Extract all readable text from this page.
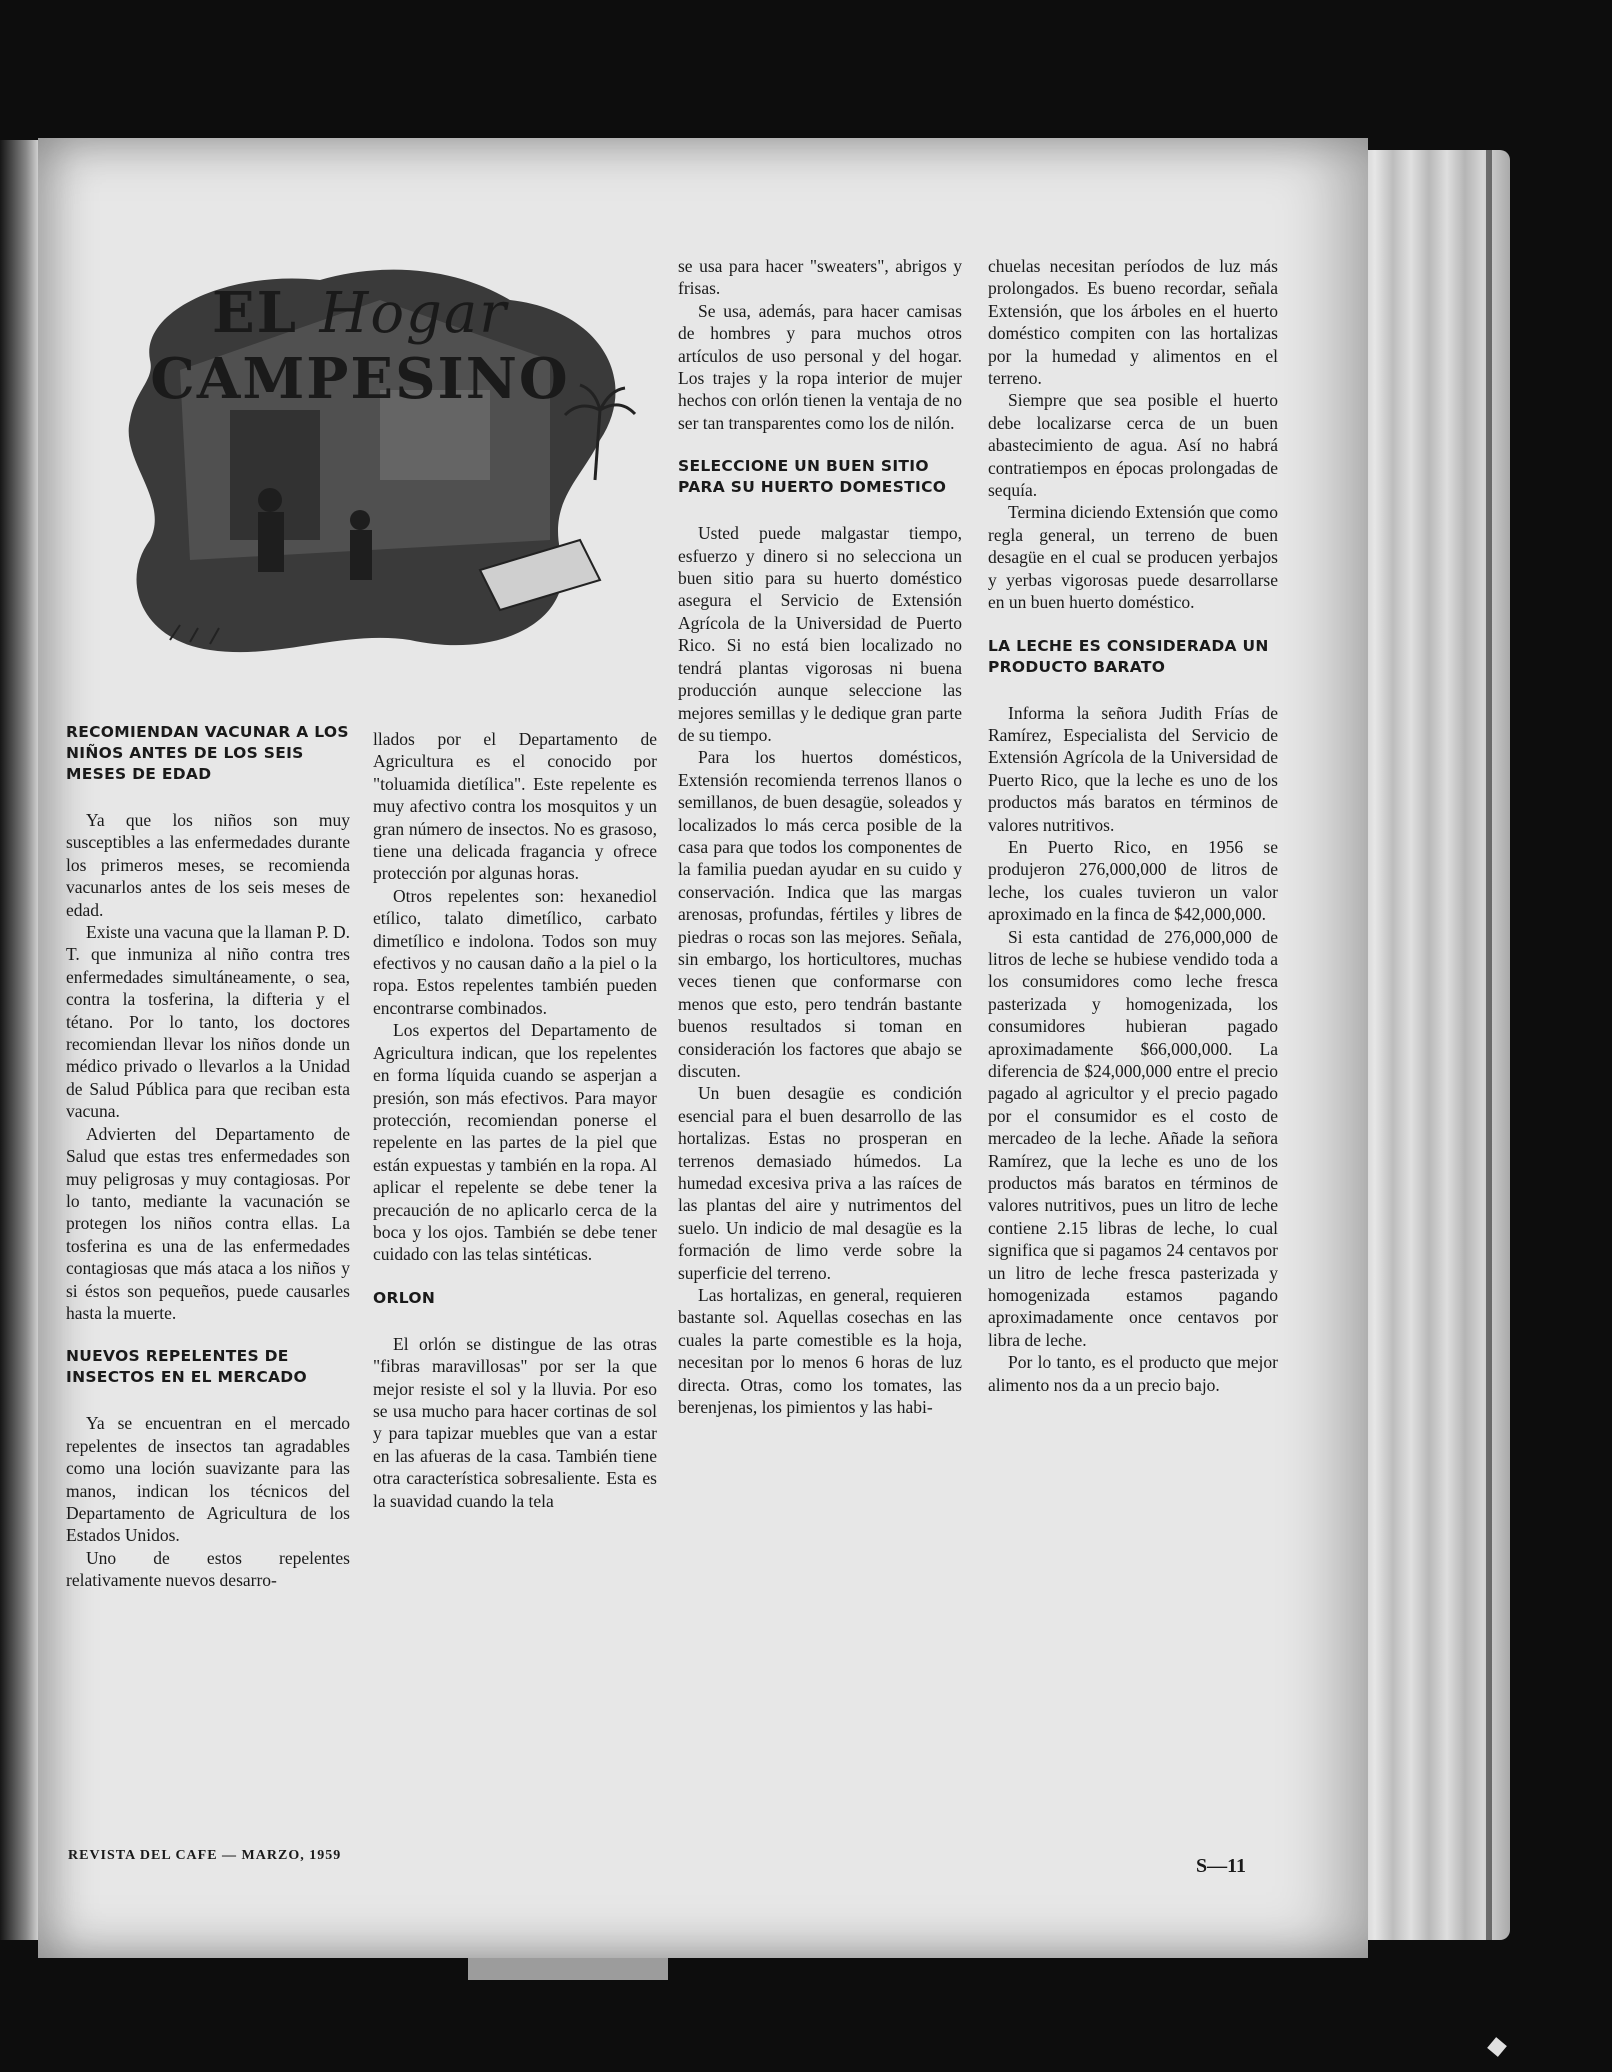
EL Hogar CAMPESINO
RECOMIENDAN VACUNAR A LOS NIÑOS ANTES DE LOS SEIS MESES DE EDAD

Ya que los niños son muy susceptibles a las enfermedades durante los primeros meses, se recomienda vacunarlos antes de los seis meses de edad.

Existe una vacuna que la llaman P. D. T. que inmuniza al niño contra tres enfermedades simultáneamente, o sea, contra la tosferina, la difteria y el tétano. Por lo tanto, los doctores recomiendan llevar los niños donde un médico privado o llevarlos a la Unidad de Salud Pública para que reciban esta vacuna.

Advierten del Departamento de Salud que estas tres enfermedades son muy peligrosas y muy contagiosas. Por lo tanto, mediante la vacunación se protegen los niños contra ellas. La tosferina es una de las enfermedades contagiosas que más ataca a los niños y si éstos son pequeños, puede causarles hasta la muerte.

NUEVOS REPELENTES DE INSECTOS EN EL MERCADO

Ya se encuentran en el mercado repelentes de insectos tan agradables como una loción suavizante para las manos, indican los técnicos del Departamento de Agricultura de los Estados Unidos.

Uno de estos repelentes relativamente nuevos desarro-

llados por el Departamento de Agricultura es el conocido por "toluamida dietílica". Este repelente es muy afectivo contra los mosquitos y un gran número de insectos. No es grasoso, tiene una delicada fragancia y ofrece protección por algunas horas.

Otros repelentes son: hexanediol etílico, talato dimetílico, carbato dimetílico e indolona. Todos son muy efectivos y no causan daño a la piel o la ropa. Estos repelentes también pueden encontrarse combinados.

Los expertos del Departamento de Agricultura indican, que los repelentes en forma líquida cuando se asperjan a presión, son más efectivos. Para mayor protección, recomiendan ponerse el repelente en las partes de la piel que están expuestas y también en la ropa. Al aplicar el repelente se debe tener la precaución de no aplicarlo cerca de la boca y los ojos. También se debe tener cuidado con las telas sintéticas.

ORLON

El orlón se distingue de las otras "fibras maravillosas" por ser la que mejor resiste el sol y la lluvia. Por eso se usa mucho para hacer cortinas de sol y para tapizar muebles que van a estar en las afueras de la casa. También tiene otra característica sobresaliente. Esta es la suavidad cuando la tela

se usa para hacer "sweaters", abrigos y frisas.

Se usa, además, para hacer camisas de hombres y para muchos otros artículos de uso personal y del hogar. Los trajes y la ropa interior de mujer hechos con orlón tienen la ventaja de no ser tan transparentes como los de nilón.

SELECCIONE UN BUEN SITIO PARA SU HUERTO DOMESTICO

Usted puede malgastar tiempo, esfuerzo y dinero si no selecciona un buen sitio para su huerto doméstico asegura el Servicio de Extensión Agrícola de la Universidad de Puerto Rico. Si no está bien localizado no tendrá plantas vigorosas ni buena producción aunque seleccione las mejores semillas y le dedique gran parte de su tiempo.

Para los huertos domésticos, Extensión recomienda terrenos llanos o semillanos, de buen desagüe, soleados y localizados lo más cerca posible de la casa para que todos los componentes de la familia puedan ayudar en su cuido y conservación. Indica que las margas arenosas, profundas, fértiles y libres de piedras o rocas son las mejores. Señala, sin embargo, los horticultores, muchas veces tienen que conformarse con menos que esto, pero tendrán bastante buenos resultados si toman en consideración los factores que abajo se discuten.

Un buen desagüe es condición esencial para el buen desarrollo de las hortalizas. Estas no prosperan en terrenos demasiado húmedos. La humedad excesiva priva a las raíces de las plantas del aire y nutrimentos del suelo. Un indicio de mal desagüe es la formación de limo verde sobre la superficie del terreno.

Las hortalizas, en general, requieren bastante sol. Aquellas cosechas en las cuales la parte comestible es la hoja, necesitan por lo menos 6 horas de luz directa. Otras, como los tomates, las berenjenas, los pimientos y las habi-

chuelas necesitan períodos de luz más prolongados. Es bueno recordar, señala Extensión, que los árboles en el huerto doméstico compiten con las hortalizas por la humedad y alimentos en el terreno.

Siempre que sea posible el huerto debe localizarse cerca de un buen abastecimiento de agua. Así no habrá contratiempos en épocas prolongadas de sequía.

Termina diciendo Extensión que como regla general, un terreno de buen desagüe en el cual se producen yerbajos y yerbas vigorosas puede desarrollarse en un buen huerto doméstico.

LA LECHE ES CONSIDERADA UN PRODUCTO BARATO

Informa la señora Judith Frías de Ramírez, Especialista del Servicio de Extensión Agrícola de la Universidad de Puerto Rico, que la leche es uno de los productos más baratos en términos de valores nutritivos.

En Puerto Rico, en 1956 se produjeron 276,000,000 de litros de leche, los cuales tuvieron un valor aproximado en la finca de $42,000,000.

Si esta cantidad de 276,000,000 de litros de leche se hubiese vendido toda a los consumidores como leche fresca pasterizada y homogenizada, los consumidores hubieran pagado aproximadamente $66,000,000. La diferencia de $24,000,000 entre el precio pagado al agricultor y el precio pagado por el consumidor es el costo de mercadeo de la leche. Añade la señora Ramírez, que la leche es uno de los productos más baratos en términos de valores nutritivos, pues un litro de leche contiene 2.15 libras de leche, lo cual significa que si pagamos 24 centavos por un litro de leche fresca pasterizada y homogenizada estamos pagando aproximadamente once centavos por libra de leche.

Por lo tanto, es el producto que mejor alimento nos da a un precio bajo.

REVISTA DEL CAFE — MARZO, 1959	S—11
